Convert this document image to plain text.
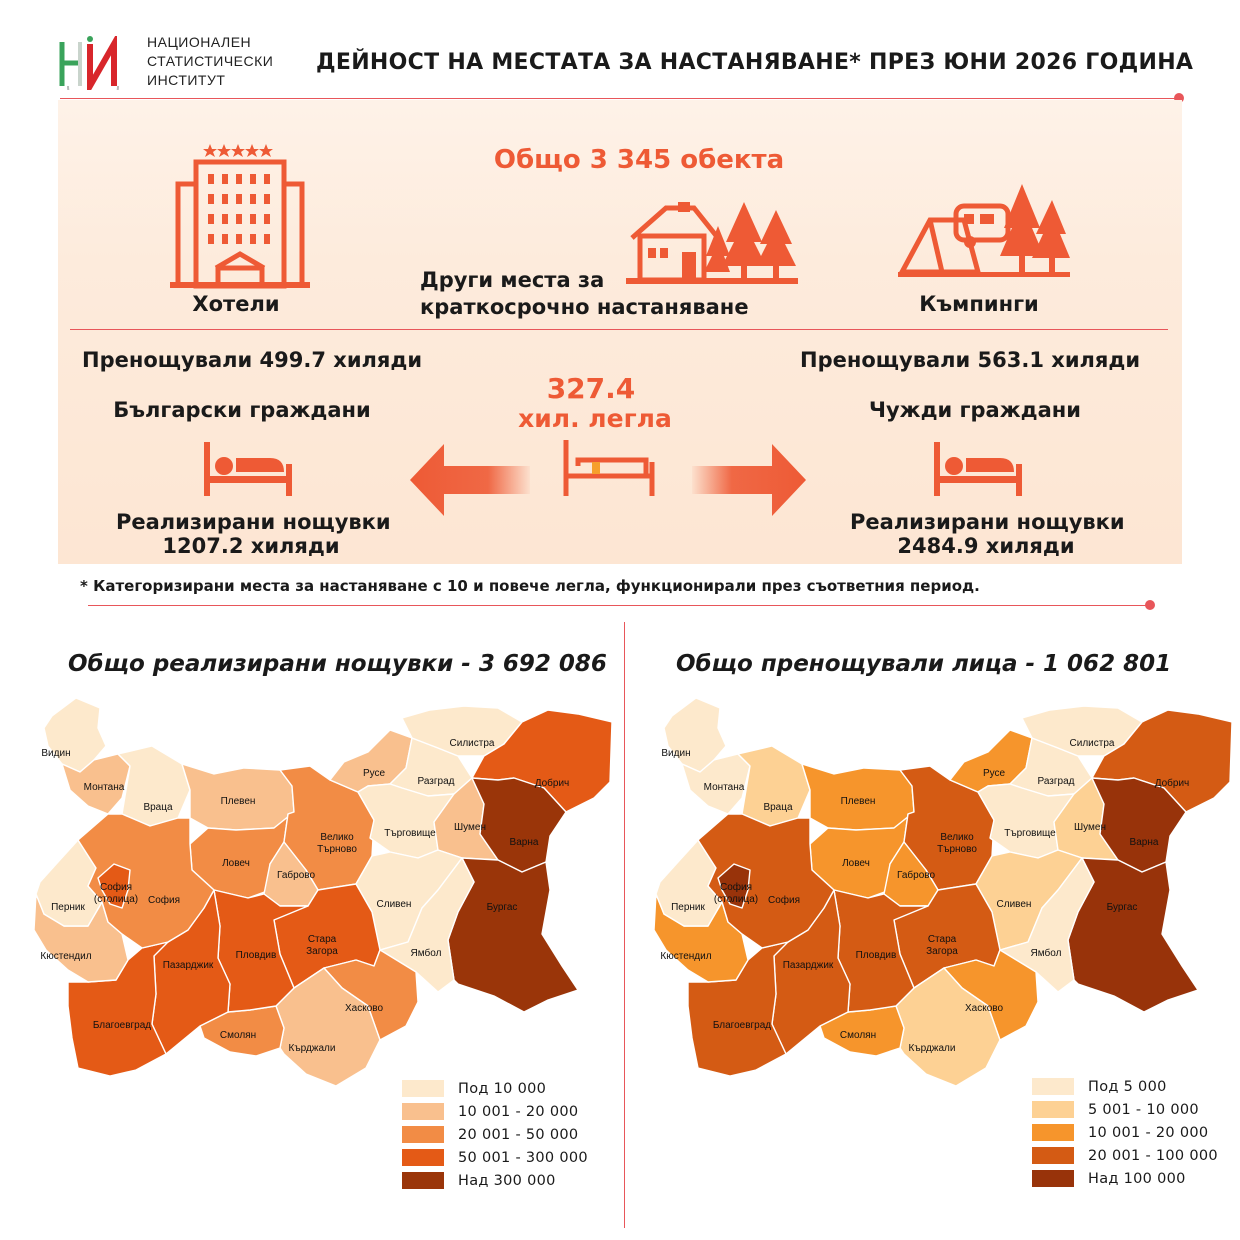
НАЦИОНАЛЕН
СТАТИСТИЧЕСКИ
ИНСТИТУТ
ДЕЙНОСТ НА МЕСТАТА ЗА НАСТАНЯВАНЕ* ПРЕЗ ЮНИ 2026 ГОДИНА
Общо 3 345 обекта
Хотели
Други места за
краткосрочно настаняване	Къмпинги
Пренощували 499.7 хиляди
Български граждани
Реализирани нощувки
1207.2 хиляди
327.4
хил. легла
Пренощували 563.1 хиляди
Чужди граждани
Реализирани нощувки
2484.9 хиляди
* Категоризирани места за настаняване с 10 и повече легла, функционирали през съответния период.
Общо реализирани нощувки - 3 692 086	Общо пренощували лица - 1 062 801
Видин
Монтана
Враца
Плевен
Ловеч
Велико Търново
Габрово
Русе
Разград
Силистра
Търговище
Шумен
Добрич
Варна
Бургас
Сливен
Ямбол
Стара Загора
Хасково
Кърджали
Смолян
Пловдив
Пазарджик
Благоевград
Кюстендил
Перник
София
София (столица)
Видин
Монтана
Враца
Плевен
Ловеч
Велико Търново
Габрово
Русе
Разград
Силистра
Търговище
Шумен
Добрич
Варна
Бургас
Сливен
Ямбол
Стара Загора
Хасково
Кърджали
Смолян
Пловдив
Пазарджик
Благоевград
Кюстендил
Перник
София
София (столица)
Под 10 000
10 001 - 20 000
20 001 - 50 000
50 001 - 300 000
Над 300 000
Под 5 000
5 001 - 10 000
10 001 - 20 000
20 001 - 100 000
Над 100 000
